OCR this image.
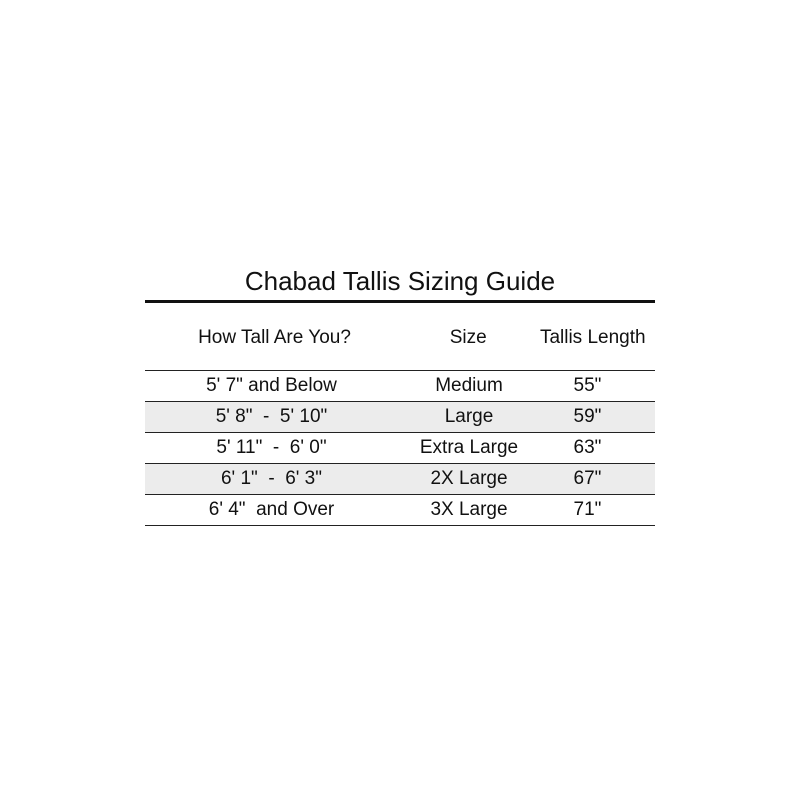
Chabad Tallis Sizing Guide
How Tall Are You?	Size	Tallis Length
5' 7" and Below	Medium	55"
5' 8"  -  5' 10"	Large	59"
5' 11"  -  6' 0"	Extra Large	63"
6' 1"  -  6' 3"	2X Large	67"
6' 4"  and Over	3X Large	71"
